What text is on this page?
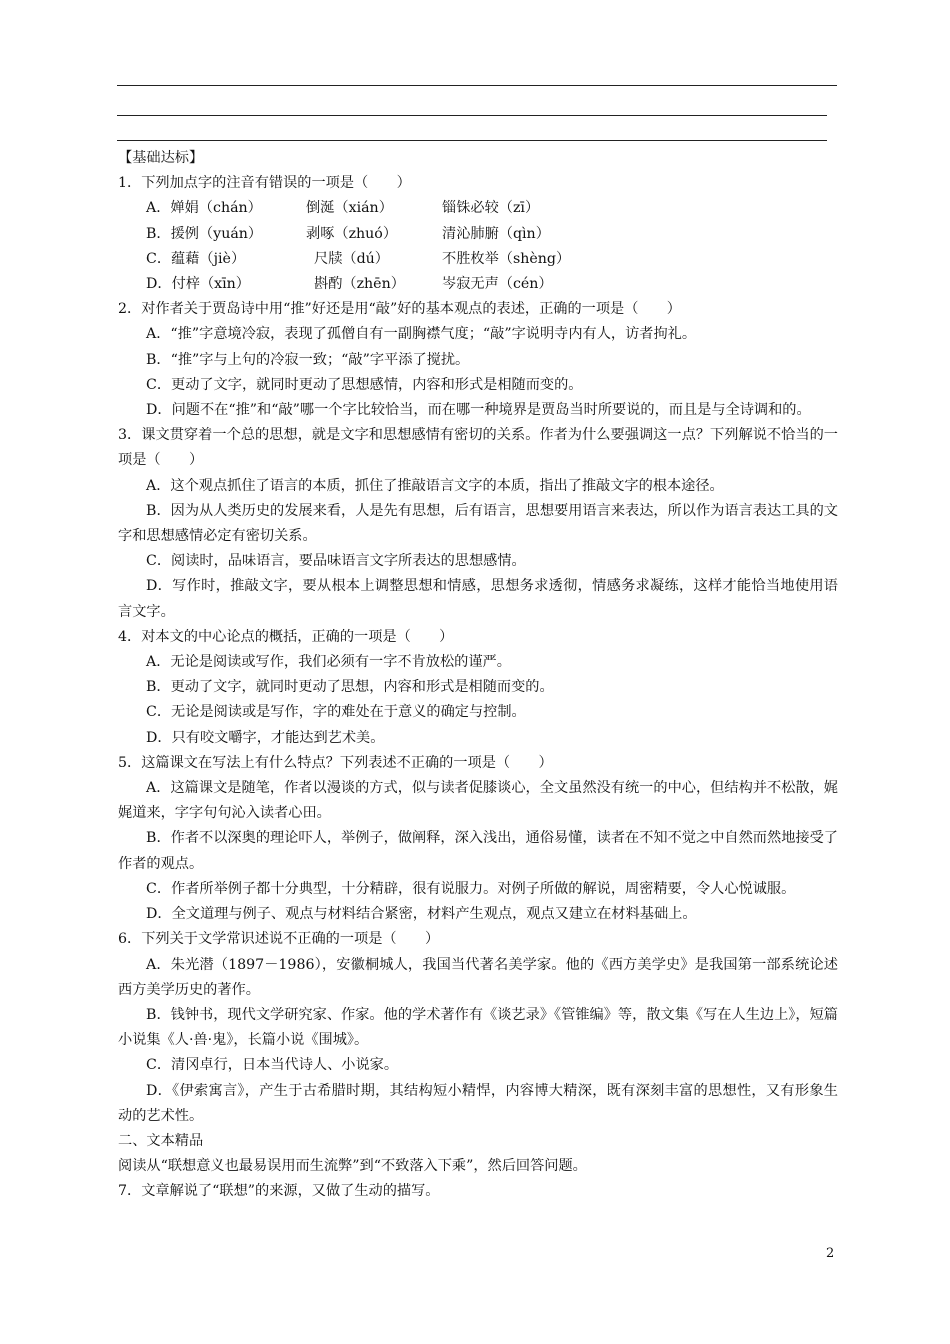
【基础达标】
1．下列加点字的注音有错误的一项是（　　）
A．婵娟（chán）	倒涎（xián）	锱铢必较（zī）
B．援例（yuán）	剥啄（zhuó）	清沁肺腑（qìn）
C．蕴藉（jiè）	尺牍（dú）	不胜枚举（shèng）
D．付梓（xīn）	斟酌（zhēn）	岑寂无声（cén）
2．对作者关于贾岛诗中用“推”好还是用“敲”好的基本观点的表述，正确的一项是（　　）
A．“推”字意境冷寂，表现了孤僧自有一副胸襟气度；“敲”字说明寺内有人，访者拘礼。
B．“推”字与上句的冷寂一致；“敲”字平添了搅扰。
C．更动了文字，就同时更动了思想感情，内容和形式是相随而变的。
D．问题不在“推”和“敲”哪一个字比较恰当，而在哪一种境界是贾岛当时所要说的，而且是与全诗调和的。
3．课文贯穿着一个总的思想，就是文字和思想感情有密切的关系。作者为什么要强调这一点？下列解说不恰当的一项是（　　）
A．这个观点抓住了语言的本质，抓住了推敲语言文字的本质，指出了推敲文字的根本途径。
B．因为从人类历史的发展来看，人是先有思想，后有语言，思想要用语言来表达，所以作为语言表达工具的文字和思想感情必定有密切关系。
C．阅读时，品味语言，要品味语言文字所表达的思想感情。
D．写作时，推敲文字，要从根本上调整思想和情感，思想务求透彻，情感务求凝练，这样才能恰当地使用语言文字。
4．对本文的中心论点的概括，正确的一项是（　　）
A．无论是阅读或写作，我们必须有一字不肯放松的谨严。
B．更动了文字，就同时更动了思想，内容和形式是相随而变的。
C．无论是阅读或是写作，字的难处在于意义的确定与控制。
D．只有咬文嚼字，才能达到艺术美。
5．这篇课文在写法上有什么特点？下列表述不正确的一项是（　　）
A．这篇课文是随笔，作者以漫谈的方式，似与读者促膝谈心，全文虽然没有统一的中心，但结构并不松散，娓娓道来，字字句句沁入读者心田。
B．作者不以深奥的理论吓人，举例子，做阐释，深入浅出，通俗易懂，读者在不知不觉之中自然而然地接受了作者的观点。
C．作者所举例子都十分典型，十分精辟，很有说服力。对例子所做的解说，周密精要，令人心悦诚服。
D．全文道理与例子、观点与材料结合紧密，材料产生观点，观点又建立在材料基础上。
6．下列关于文学常识述说不正确的一项是（　　）
A．朱光潜（1897－1986），安徽桐城人，我国当代著名美学家。他的《西方美学史》是我国第一部系统论述西方美学历史的著作。
B．钱钟书，现代文学研究家、作家。他的学术著作有《谈艺录》《管锥编》等，散文集《写在人生边上》，短篇小说集《人·兽·鬼》，长篇小说《围城》。
C．清冈卓行，日本当代诗人、小说家。
D．《伊索寓言》，产生于古希腊时期，其结构短小精悍，内容博大精深，既有深刻丰富的思想性，又有形象生动的艺术性。
二、文本精品
阅读从“联想意义也最易误用而生流弊”到“不致落入下乘”，然后回答问题。
7．文章解说了“联想”的来源，又做了生动的描写。
2
